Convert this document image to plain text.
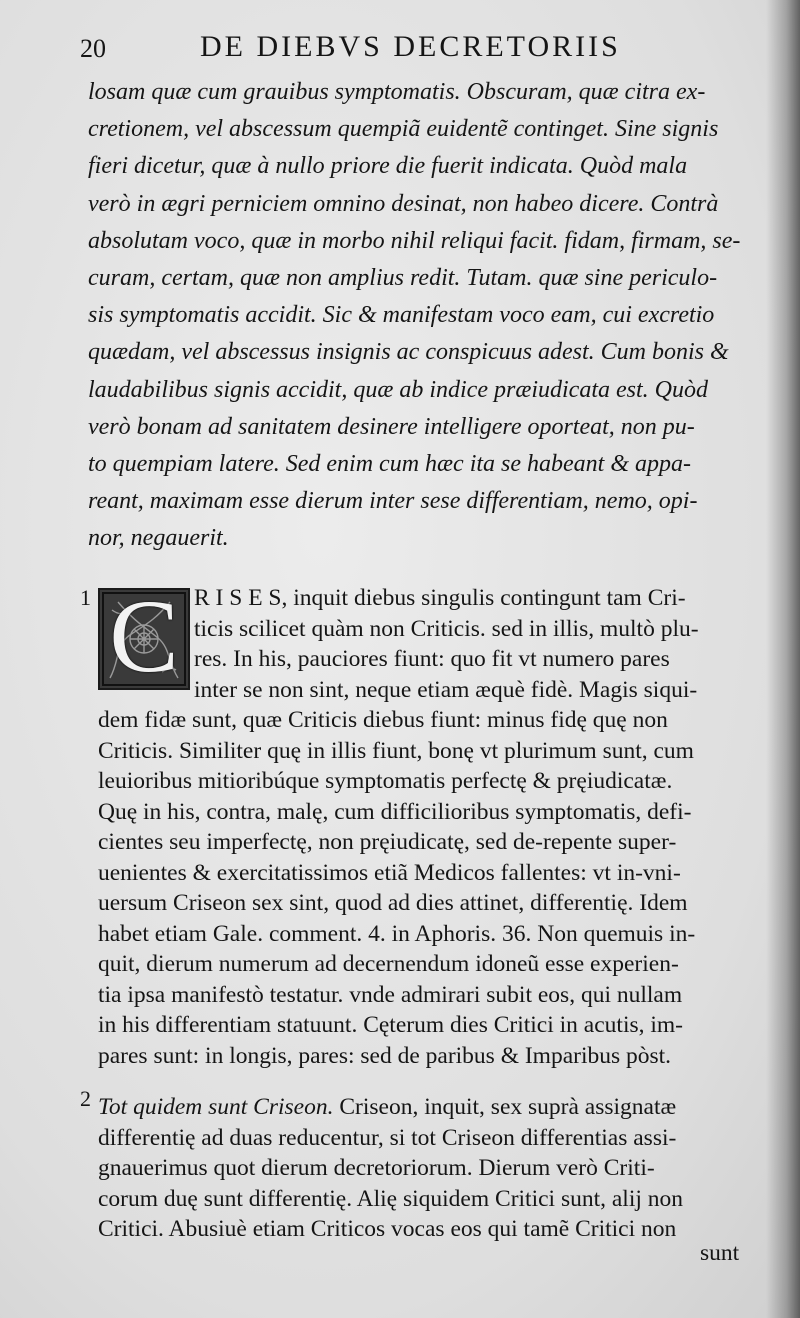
20	DE DIEBVS DECRETORIIS
losam quæ cum grauibus symptomatis. Obscuram, quæ citra ex-
cretionem, vel abscessum quempiã euidentẽ continget. Sine signis
fieri dicetur, quæ à nullo priore die fuerit indicata. Quòd mala
verò in ægri perniciem omnino desinat, non habeo dicere. Contrà
absolutam voco, quæ in morbo nihil reliqui facit. fidam, firmam, se-
curam, certam, quæ non amplius redit. Tutam. quæ sine periculo-
sis symptomatis accidit. Sic & manifestam voco eam, cui excretio
quædam, vel abscessus insignis ac conspicuus adest. Cum bonis &
laudabilibus signis accidit, quæ ab indice præiudicata est. Quòd
verò bonam ad sanitatem desinere intelligere oporteat, non pu-
to quempiam latere. Sed enim cum hæc ita se habeant & appa-
reant, maximam esse dierum inter sese differentiam, nemo, opi-
nor, negauerit.
1 C R I S E S, inquit diebus singulis contingunt tam Cri-
ticis scilicet quàm non Criticis. sed in illis, multò plu-
res. In his, pauciores fiunt: quo fit vt numero pares
inter se non sint, neque etiam æquè fidè. Magis siqui-
dem fidæ sunt, quæ Criticis diebus fiunt: minus fidę quę non
Criticis. Similiter quę in illis fiunt, bonę vt plurimum sunt, cum
leuioribus mitioribúque symptomatis perfectę & pręiudicatæ.
Quę in his, contra, malę, cum difficilioribus symptomatis, defi-
cientes seu imperfectę, non pręiudicatę, sed de-repente super-
uenientes & exercitatissimos etiã Medicos fallentes: vt in-vni-
uersum Criseon sex sint, quod ad dies attinet, differentię. Idem
habet etiam Gale. comment. 4. in Aphoris. 36. Non quemuis in-
quit, dierum numerum ad decernendum idoneũ esse experien-
tia ipsa manifestò testatur. vnde admirari subit eos, qui nullam
in his differentiam statuunt. Cęterum dies Critici in acutis, im-
pares sunt: in longis, pares: sed de paribus & Imparibus pòst.
2 Tot quidem sunt Criseon. Criseon, inquit, sex suprà assignatæ
differentię ad duas reducentur, si tot Criseon differentias assi-
gnauerimus quot dierum decretoriorum. Dierum verò Criti-
corum duę sunt differentię. Alię siquidem Critici sunt, alij non
Critici. Abusiuè etiam Criticos vocas eos qui tamẽ Critici non
sunt
